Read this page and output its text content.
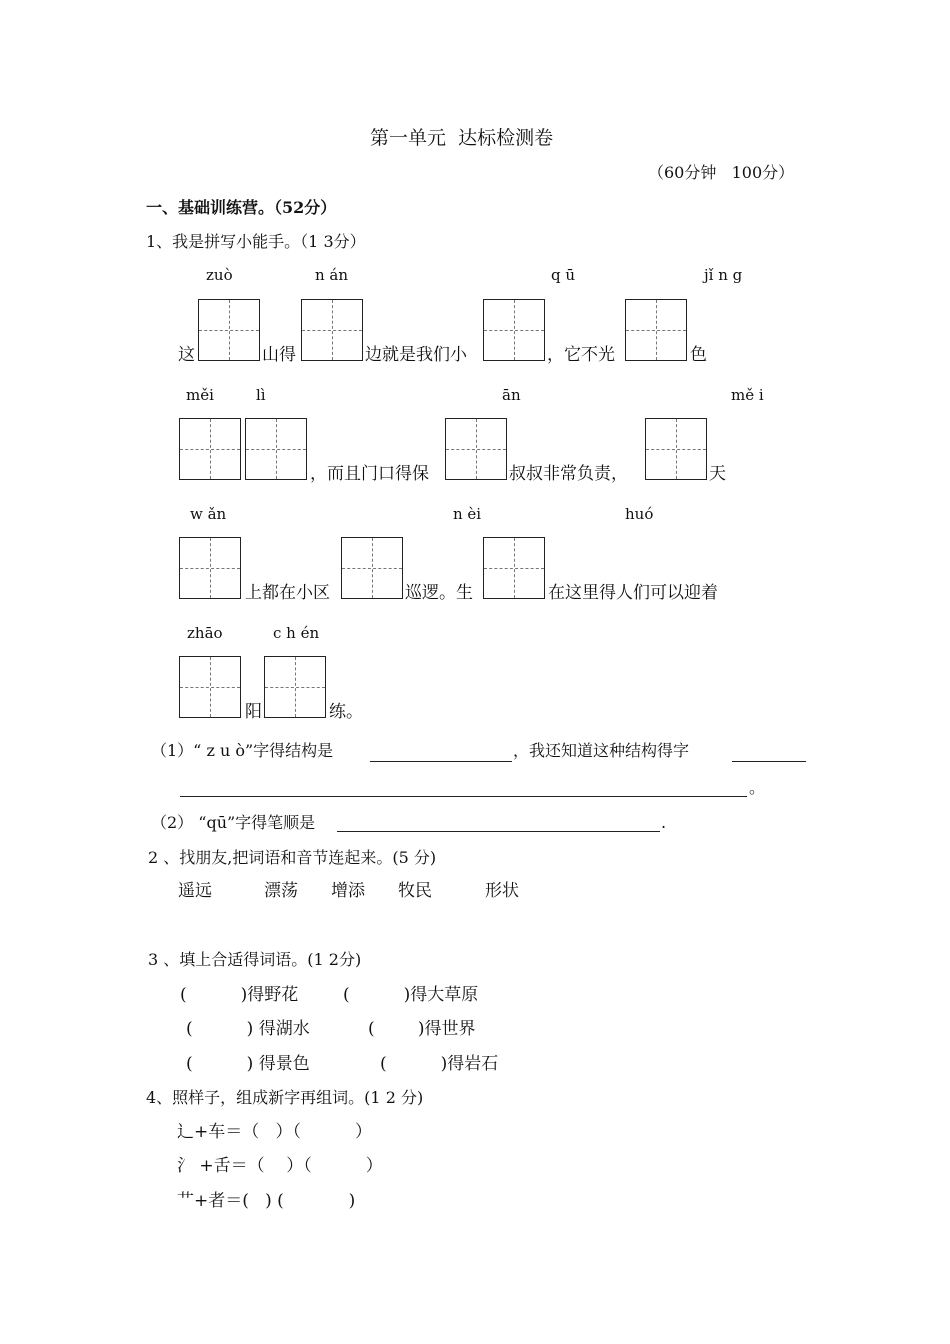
第一单元  达标检测卷
（60分钟   100分）
一、基础训练营。（52分）
1、我是拼写小能手。（1 3分）
zuò	n án	q ū	jǐ n g
这	山得	边就是我们小	，它不光	色
měi	lì	ān	mě i
，而且门口得保	叔叔非常负责，	天
w ǎn	n èi	huó
上都在小区	巡逻。生	在这里得人们可以迎着
zhāo	c h én
阳	练。
（1）“ z u ò”字得结构是	，我还知道这种结构得字
。
（2） “qū”字得笔顺是	.
2 、找朋友,把词语和音节连起来。(5 分)
遥远	漂荡 增添 牧民	形状
3 、填上合适得词语。(1 2分)
(          )得野花	(          )得大草原
(          ) 得湖水	(        )得世界
(          ) 得景色	(          )得岩石
4、照样子，组成新字再组词。(1 2 分)
辶+车＝（   ）（          ）
氵 +舌＝（    ）（          ）
艹+者＝(   ) (            )
